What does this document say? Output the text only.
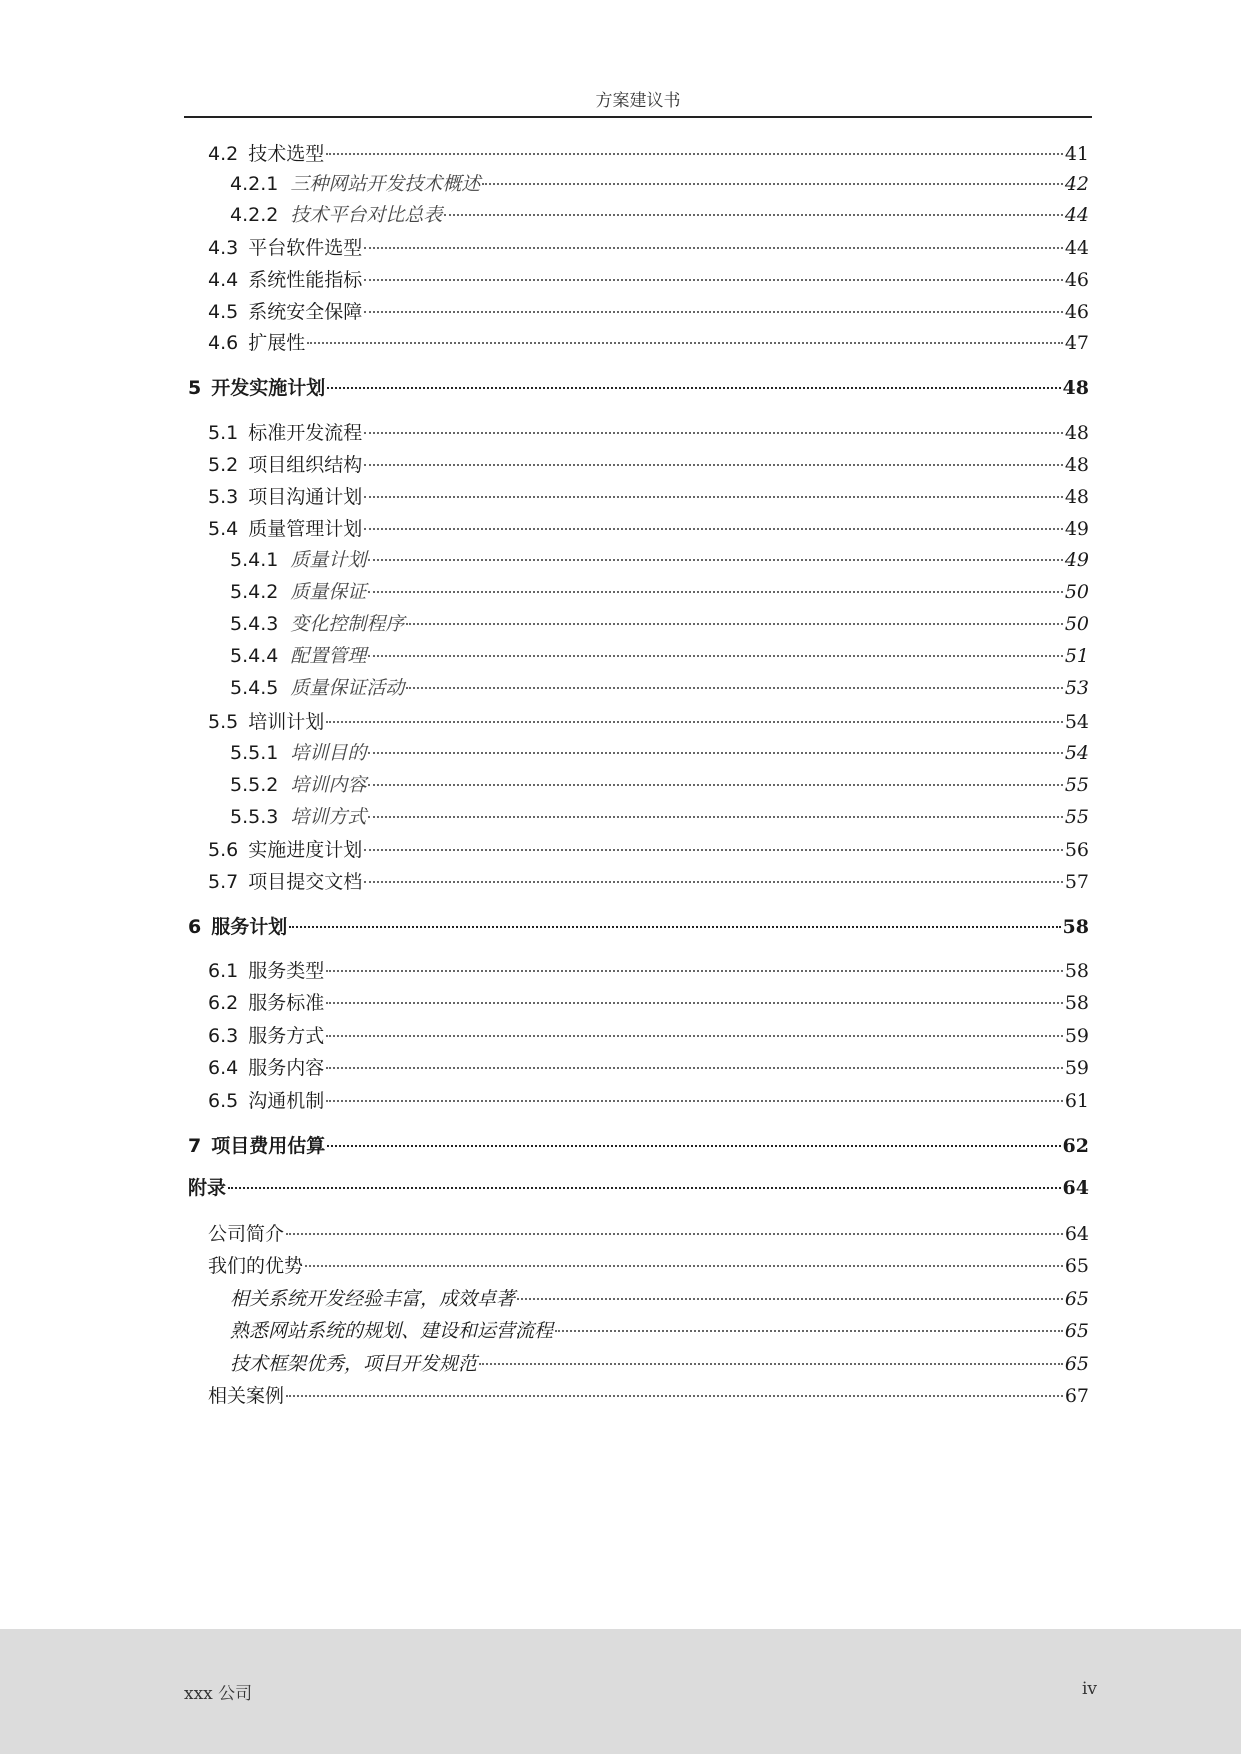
方案建议书
4.2 技术选型	41
4.2.1 三种网站开发技术概述	42
4.2.2 技术平台对比总表	44
4.3 平台软件选型	44
4.4 系统性能指标	46
4.5 系统安全保障	46
4.6 扩展性	47
5 开发实施计划	48
5.1 标准开发流程	48
5.2 项目组织结构	48
5.3 项目沟通计划	48
5.4 质量管理计划	49
5.4.1 质量计划	49
5.4.2 质量保证	50
5.4.3 变化控制程序	50
5.4.4 配置管理	51
5.4.5 质量保证活动	53
5.5 培训计划	54
5.5.1 培训目的	54
5.5.2 培训内容	55
5.5.3 培训方式	55
5.6 实施进度计划	56
5.7 项目提交文档	57
6 服务计划	58
6.1 服务类型	58
6.2 服务标准	58
6.3 服务方式	59
6.4 服务内容	59
6.5 沟通机制	61
7 项目费用估算	62
附录	64
公司简介	64
我们的优势	65
相关系统开发经验丰富，成效卓著	65
熟悉网站系统的规划、建设和运营流程	65
技术框架优秀，项目开发规范	65
相关案例	67
xxx 公司	iv
